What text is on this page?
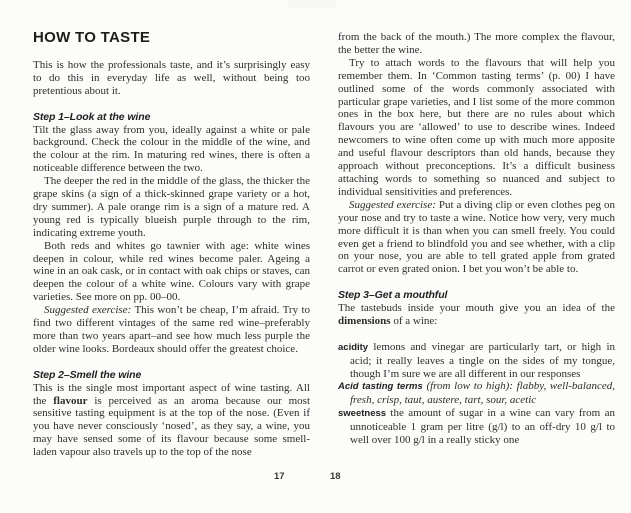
HOW TO TASTE

This is how the professionals taste, and it’s surprisingly easy to do this in everyday life as well, without being too pretentious about it.

Step 1–Look at the wine

Tilt the glass away from you, ideally against a white or pale background. Check the colour in the middle of the wine, and the colour at the rim. In maturing red wines, there is often a noticeable difference between the two.

The deeper the red in the middle of the glass, the thicker the grape skins (a sign of a thick-skinned grape variety or a hot, dry summer). A pale orange rim is a sign of a mature red. A young red is typically blueish purple through to the rim, indicating extreme youth.

Both reds and whites go tawnier with age: white wines deepen in colour, while red wines become paler. Ageing a wine in an oak cask, or in contact with oak chips or staves, can deepen the colour of a white wine. Colours vary with grape varieties. See more on pp. 00–00.

Suggested exercise: This won’t be cheap, I’m afraid. Try to find two different vintages of the same red wine–preferably more than two years apart–and see how much less purple the older wine looks. Bordeaux should offer the greatest choice.

Step 2–Smell the wine

This is the single most important aspect of wine tasting. All the flavour is perceived as an aroma because our most sensitive tasting equipment is at the top of the nose. (Even if you have never consciously ‘nosed’, as they say, a wine, you may have sensed some of its flavour because some smell-laden vapour also travels up to the top of the nose

from the back of the mouth.) The more complex the flavour, the better the wine.

Try to attach words to the flavours that will help you remember them. In ‘Common tasting terms’ (p. 00) I have outlined some of the words commonly associated with particular grape varieties, and I list some of the more common ones in the box here, but there are no rules about which flavours you are ‘allowed’ to use to describe wines. Indeed newcomers to wine often come up with much more apposite and useful flavour descriptors than old hands, because they approach without preconceptions. It’s a difficult business attaching words to something so nuanced and subject to individual sensitivities and preferences.

Suggested exercise: Put a diving clip or even clothes peg on your nose and try to taste a wine. Notice how very, very much more difficult it is than when you can smell freely. You could even get a friend to blindfold you and see whether, with a clip on your nose, you are able to tell grated apple from grated carrot or even grated onion. I bet you won’t be able to.

Step 3–Get a mouthful

The tastebuds inside your mouth give you an idea of the dimensions of a wine:

acidity lemons and vinegar are particularly tart, or high in acid; it really leaves a tingle on the sides of my tongue, though I’m sure we are all different in our responses

Acid tasting terms (from low to high): flabby, well-balanced, fresh, crisp, taut, austere, tart, sour, acetic

sweetness the amount of sugar in a wine can vary from an unnoticeable 1 gram per litre (g/l) to an off-dry 10 g/l to well over 100 g/l in a really sticky one

17	18
